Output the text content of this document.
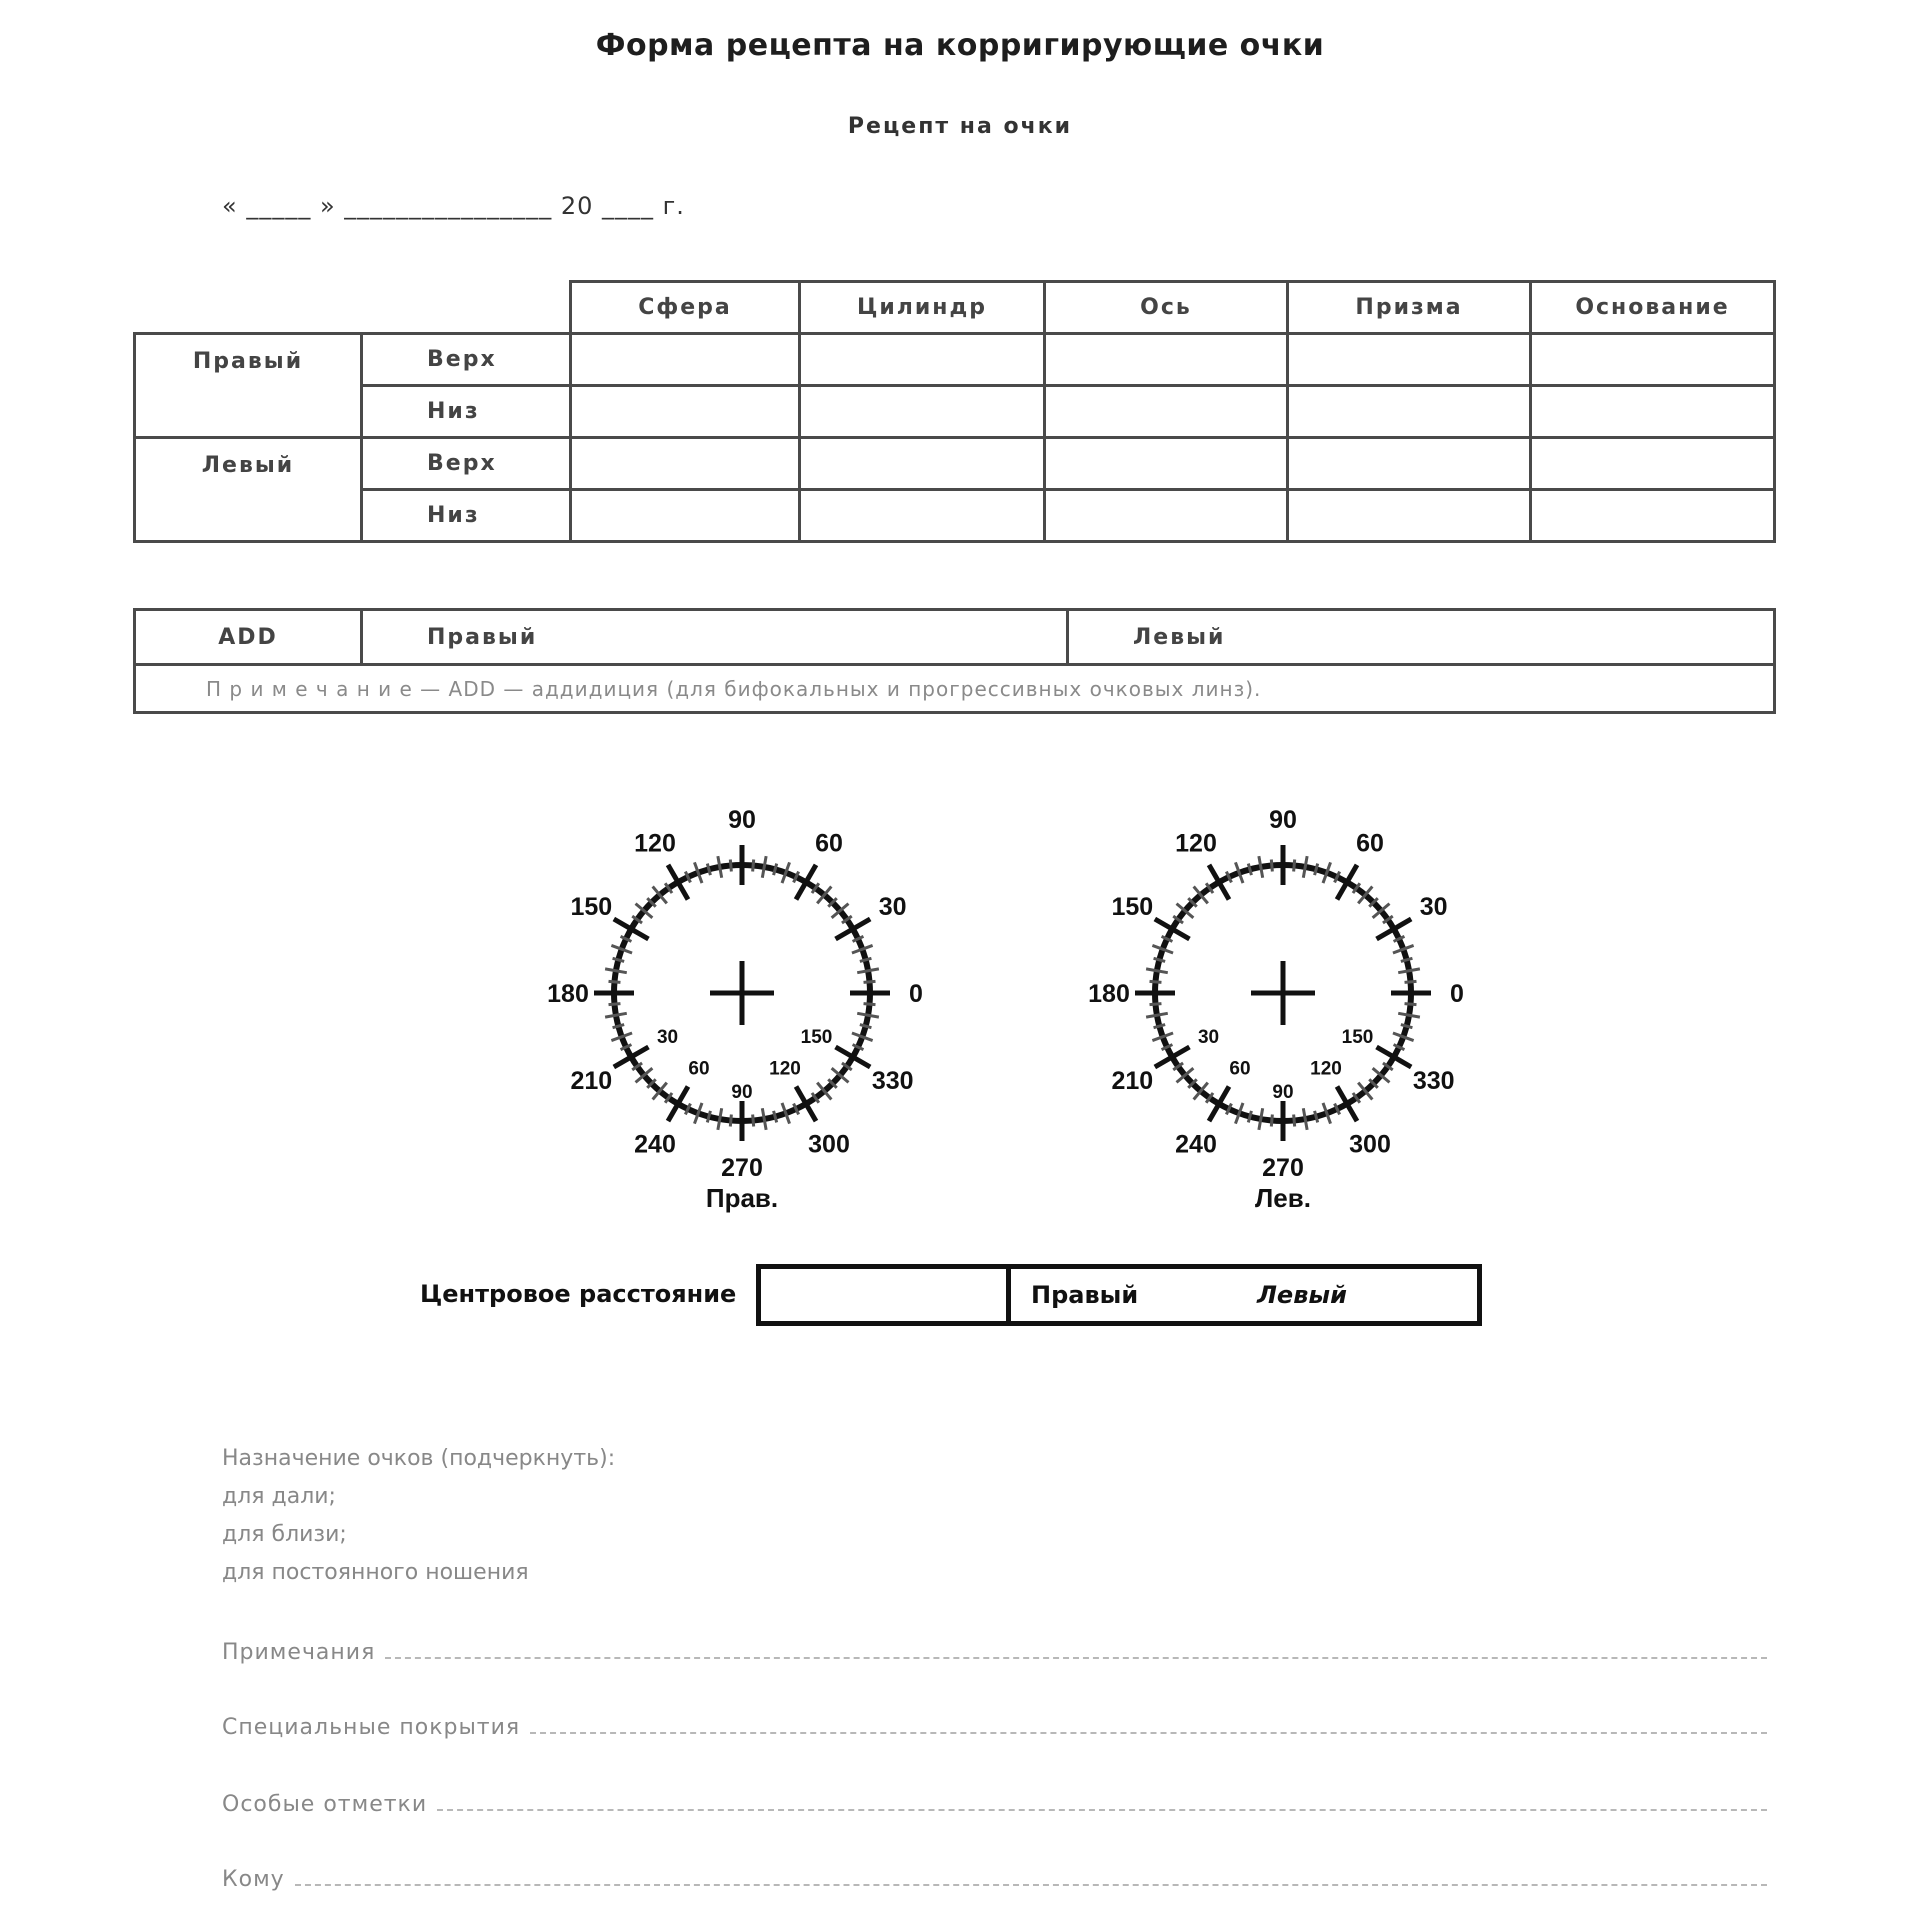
Форма рецепта на корригирующие очки
Рецепт на очки
« _____ » ________________ 20 ____ г.
		Сфера	Цилиндр	Ось	Призма	Основание
Правый	Верх					
	Низ					
Левый	Верх					
	Низ					
ADD	Правый	Левый
П р и м е ч а н и е — ADD — аддидиция (для бифокальных и прогрессивных очковых линз).
0
30
60
90
120
150
180
210
240
270
300
330
30
60
90
120
150
Прав.
0
30
60
90
120
150
180
210
240
270
300
330
30
60
90
120
150
Лев.
Центровое расстояние	Правый	Левый
Назначение очков (подчеркнуть):
для дали;
для близи;
для постоянного ношения
Примечания
Специальные покрытия
Особые отметки
Кому
